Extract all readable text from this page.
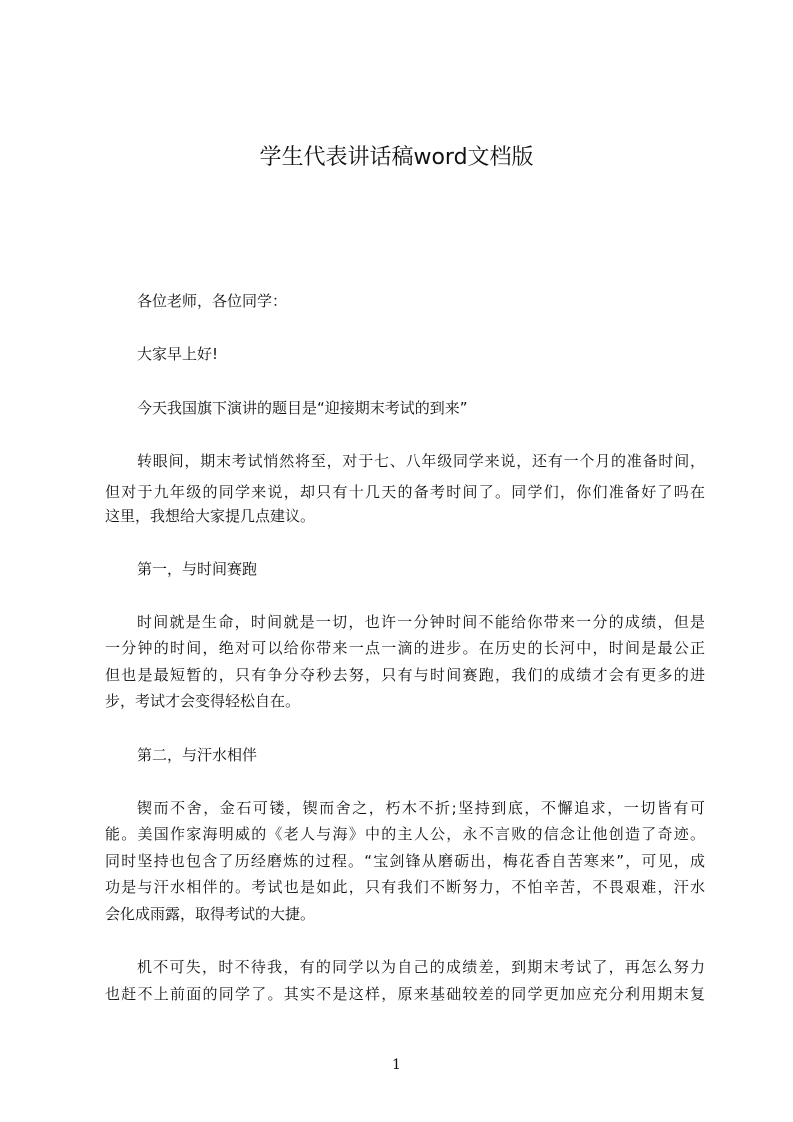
学生代表讲话稿word文档版

各位老师，各位同学：

大家早上好!

今天我国旗下演讲的题目是“迎接期末考试的到来”

转眼间，期末考试悄然将至，对于七、八年级同学来说，还有一个月的准备时间，

但对于九年级的同学来说，却只有十几天的备考时间了。同学们，你们准备好了吗在

这里，我想给大家提几点建议。

第一，与时间赛跑

时间就是生命，时间就是一切，也许一分钟时间不能给你带来一分的成绩，但是

一分钟的时间，绝对可以给你带来一点一滴的进步。在历史的长河中，时间是最公正

但也是最短暂的，只有争分夺秒去努，只有与时间赛跑，我们的成绩才会有更多的进

步，考试才会变得轻松自在。

第二，与汗水相伴

锲而不舍，金石可镂，锲而舍之，朽木不折;坚持到底，不懈追求，一切皆有可

能。美国作家海明威的《老人与海》中的主人公，永不言败的信念让他创造了奇迹。

同时坚持也包含了历经磨炼的过程。“宝剑锋从磨砺出，梅花香自苦寒来”，可见，成

功是与汗水相伴的。考试也是如此，只有我们不断努力，不怕辛苦，不畏艰难，汗水

会化成雨露，取得考试的大捷。

机不可失，时不待我，有的同学以为自己的成绩差，到期末考试了，再怎么努力

也赶不上前面的同学了。其实不是这样，原来基础较差的同学更加应充分利用期末复

1
